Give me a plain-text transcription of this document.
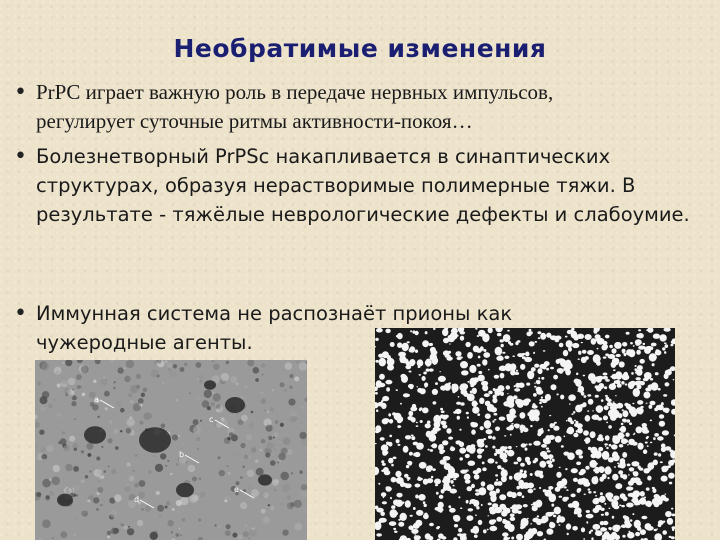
Необратимые изменения
• PrPC играет важную роль в передаче нервных импульсов, регулирует суточные ритмы активности-покоя…
• Болезнетворный PrPSc накапливается в синаптических структурах, образуя нерастворимые полимерные тяжи. В результате - тяжёлые неврологические дефекты и слабоумие.
• Иммунная система не распознаёт прионы как чужеродные агенты.
a
b
c
d
e
